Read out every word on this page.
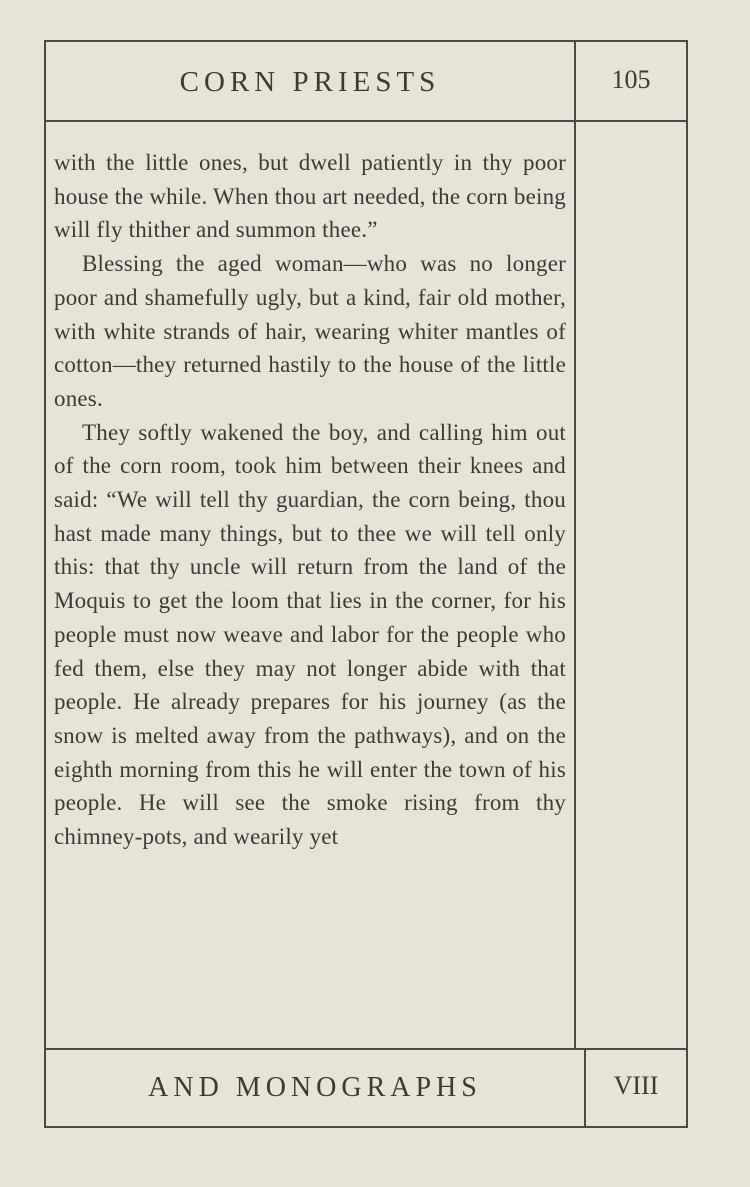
CORN PRIESTS	105

with the little ones, but dwell patiently in thy poor house the while. When thou art needed, the corn being will fly thither and summon thee.”

Blessing the aged woman—who was no longer poor and shamefully ugly, but a kind, fair old mother, with white strands of hair, wearing whiter mantles of cotton—they returned hastily to the house of the little ones.

They softly wakened the boy, and calling him out of the corn room, took him between their knees and said: “We will tell thy guardian, the corn being, thou hast made many things, but to thee we will tell only this: that thy uncle will return from the land of the Moquis to get the loom that lies in the corner, for his people must now weave and labor for the people who fed them, else they may not longer abide with that people. He already prepares for his journey (as the snow is melted away from the pathways), and on the eighth morning from this he will enter the town of his people. He will see the smoke rising from thy chimney-pots, and wearily yet

AND MONOGRAPHS	VIII
